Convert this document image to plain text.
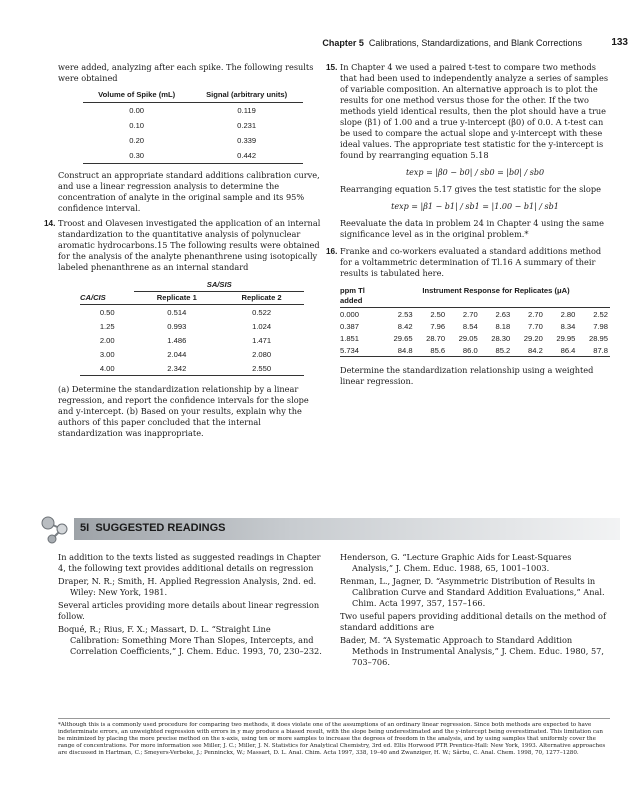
Chapter 5 Calibrations, Standardizations, and Blank Corrections	133

were added, analyzing after each spike. The following results were obtained

Volume of Spike (mL)	Signal (arbitrary units)
0.00	0.119
0.10	0.231
0.20	0.339
0.30	0.442

Construct an appropriate standard additions calibration curve, and use a linear regression analysis to determine the concentration of analyte in the original sample and its 95% confidence interval.

14. Troost and Olavesen investigated the application of an internal standardization to the quantitative analysis of polynuclear aromatic hydrocarbons.15 The following results were obtained for the analysis of the analyte phenanthrene using isotopically labeled phenanthrene as an internal standard

	SA/SIS	
CA/CIS	Replicate 1	Replicate 2
0.50	0.514	0.522
1.25	0.993	1.024
2.00	1.486	1.471
3.00	2.044	2.080
4.00	2.342	2.550

(a) Determine the standardization relationship by a linear regression, and report the confidence intervals for the slope and y-intercept. (b) Based on your results, explain why the authors of this paper concluded that the internal standardization was inappropriate.

15. In Chapter 4 we used a paired t-test to compare two methods that had been used to independently analyze a series of samples of variable composition. An alternative approach is to plot the results for one method versus those for the other. If the two methods yield identical results, then the plot should have a true slope (β1) of 1.00 and a true y-intercept (β0) of 0.0. A t-test can be used to compare the actual slope and y-intercept with these ideal values. The appropriate test statistic for the y-intercept is found by rearranging equation 5.18

texp = |β0 − b0| / sb0 = |b0| / sb0

Rearranging equation 5.17 gives the test statistic for the slope

texp = |β1 − b1| / sb1 = |1.00 − b1| / sb1

Reevaluate the data in problem 24 in Chapter 4 using the same significance level as in the original problem.*

16. Franke and co-workers evaluated a standard additions method for a voltammetric determination of Tl.16 A summary of their results is tabulated here.

ppm Tl added	Instrument Response for Replicates (μA)						
0.000	2.53	2.50	2.70	2.63	2.70	2.80	2.52
0.387	8.42	7.96	8.54	8.18	7.70	8.34	7.98
1.851	29.65	28.70	29.05	28.30	29.20	29.95	28.95
5.734	84.8	85.6	86.0	85.2	84.2	86.4	87.8

Determine the standardization relationship using a weighted linear regression.

5I SUGGESTED READINGS

In addition to the texts listed as suggested readings in Chapter 4, the following text provides additional details on regression

Draper, N. R.; Smith, H. Applied Regression Analysis, 2nd. ed. Wiley: New York, 1981.

Several articles providing more details about linear regression follow.

Boqué, R.; Rius, F. X.; Massart, D. L. “Straight Line Calibration: Something More Than Slopes, Intercepts, and Correlation Coefficients,” J. Chem. Educ. 1993, 70, 230–232.

Henderson, G. “Lecture Graphic Aids for Least-Squares Analysis,” J. Chem. Educ. 1988, 65, 1001–1003.

Renman, L., Jagner, D. “Asymmetric Distribution of Results in Calibration Curve and Standard Addition Evaluations,” Anal. Chim. Acta 1997, 357, 157–166.

Two useful papers providing additional details on the method of standard additions are

Bader, M. “A Systematic Approach to Standard Addition Methods in Instrumental Analysis,” J. Chem. Educ. 1980, 57, 703–706.

*Although this is a commonly used procedure for comparing two methods, it does violate one of the assumptions of an ordinary linear regression. Since both methods are expected to have indeterminate errors, an unweighted regression with errors in y may produce a biased result, with the slope being underestimated and the y-intercept being overestimated. This limitation can be minimized by placing the more precise method on the x-axis, using ten or more samples to increase the degrees of freedom in the analysis, and by using samples that uniformly cover the range of concentrations. For more information see Miller, J. C.; Miller, J. N. Statistics for Analytical Chemistry, 3rd ed. Ellis Horwood PTR Prentice-Hall: New York, 1993. Alternative approaches are discussed in Hartman, C.; Smeyers-Verbeke, J.; Penninckx, W.; Massart, D. L. Anal. Chim. Acta 1997, 338, 19–40 and Zwanziger, H. W.; Sârbu, C. Anal. Chem. 1998, 70, 1277–1280.
